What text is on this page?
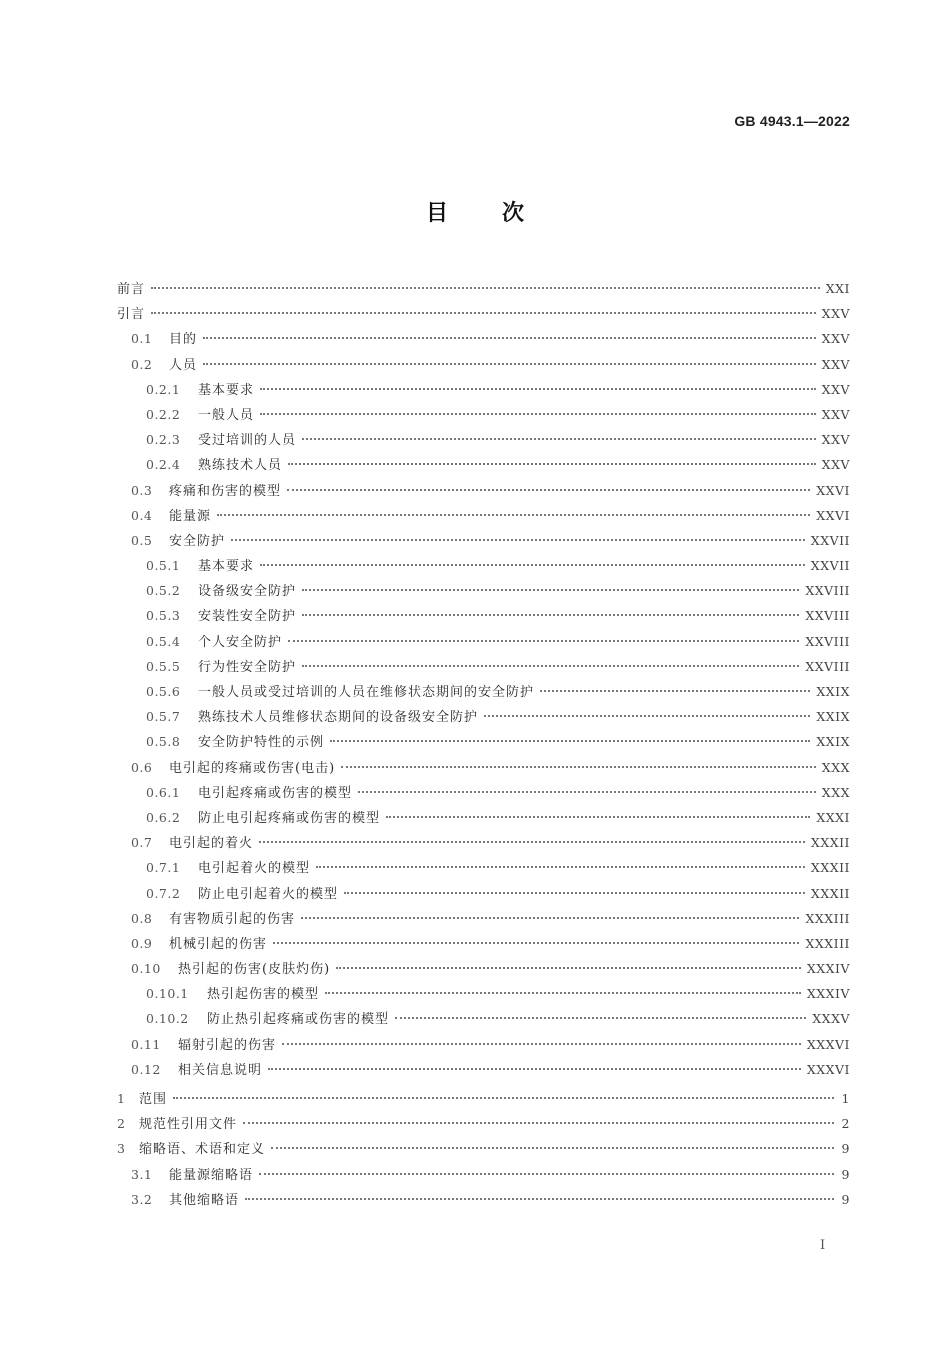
GB 4943.1—2022
目次
前言	XXI
引言	XXV
0.1	目的	XXV
0.2	人员	XXV
0.2.1	基本要求	XXV
0.2.2	一般人员	XXV
0.2.3	受过培训的人员	XXV
0.2.4	熟练技术人员	XXV
0.3	疼痛和伤害的模型	XXVI
0.4	能量源	XXVI
0.5	安全防护	XXVII
0.5.1	基本要求	XXVII
0.5.2	设备级安全防护	XXVIII
0.5.3	安装性安全防护	XXVIII
0.5.4	个人安全防护	XXVIII
0.5.5	行为性安全防护	XXVIII
0.5.6	一般人员或受过培训的人员在维修状态期间的安全防护	XXIX
0.5.7	熟练技术人员维修状态期间的设备级安全防护	XXIX
0.5.8	安全防护特性的示例	XXIX
0.6	电引起的疼痛或伤害(电击)	XXX
0.6.1	电引起疼痛或伤害的模型	XXX
0.6.2	防止电引起疼痛或伤害的模型	XXXI
0.7	电引起的着火	XXXII
0.7.1	电引起着火的模型	XXXII
0.7.2	防止电引起着火的模型	XXXII
0.8	有害物质引起的伤害	XXXIII
0.9	机械引起的伤害	XXXIII
0.10	热引起的伤害(皮肤灼伤)	XXXIV
0.10.1	热引起伤害的模型	XXXIV
0.10.2	防止热引起疼痛或伤害的模型	XXXV
0.11	辐射引起的伤害	XXXVI
0.12	相关信息说明	XXXVI
1	范围	1
2	规范性引用文件	2
3	缩略语、术语和定义	9
3.1	能量源缩略语	9
3.2	其他缩略语	9
I
